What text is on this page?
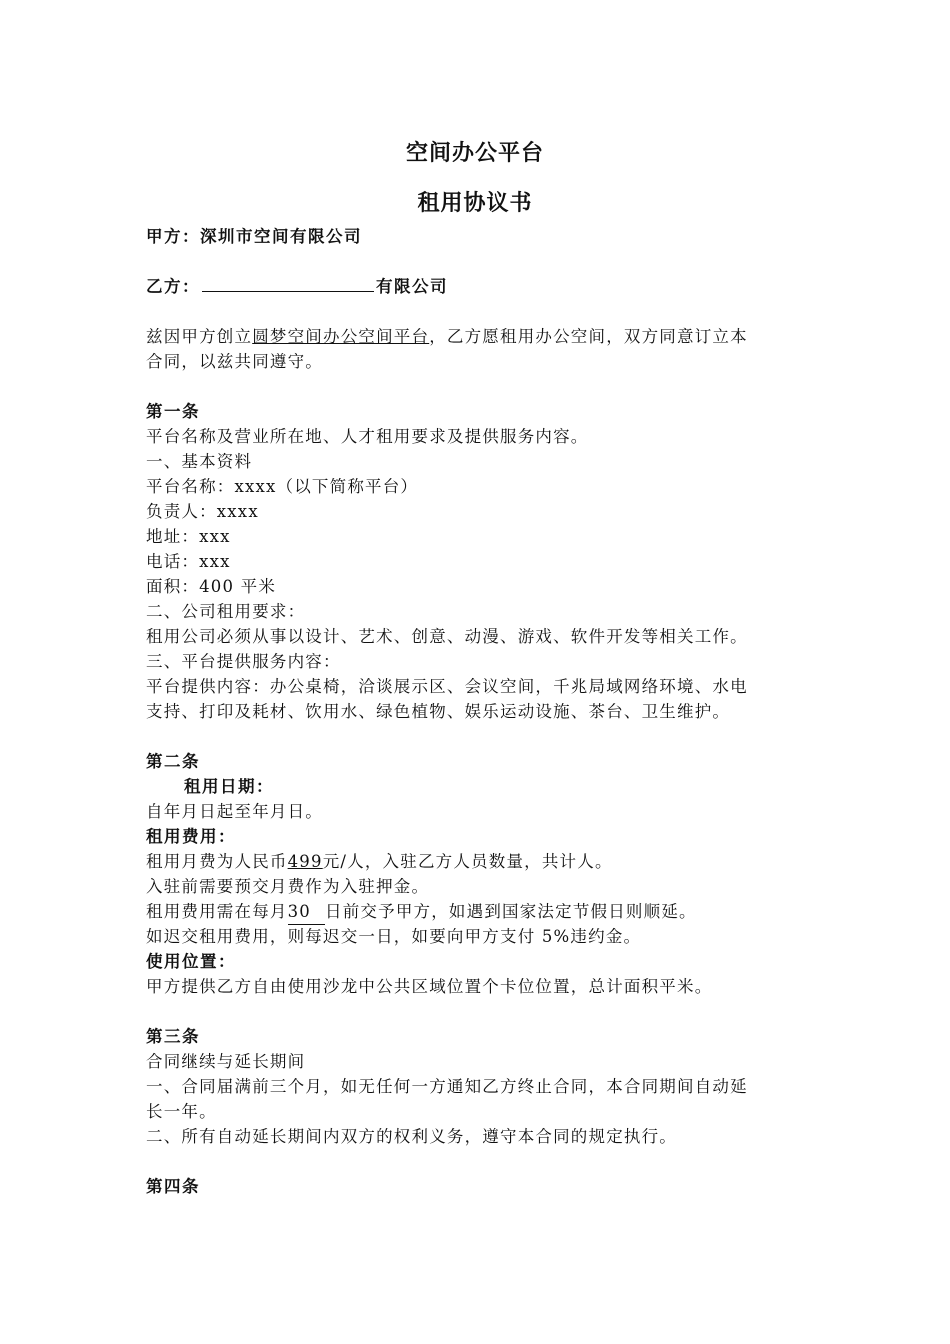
空间办公平台
租用协议书
甲方：深圳市空间有限公司
乙方：	有限公司
兹因甲方创立圆梦空间办公空间平台，乙方愿租用办公空间，双方同意订立本
合同，以兹共同遵守。
第一条
平台名称及营业所在地、人才租用要求及提供服务内容。
一、基本资料
平台名称：xxxx（以下简称平台）
负责人：xxxx
地址：xxx
电话：xxx
面积：400 平米
二、公司租用要求：
租用公司必须从事以设计、艺术、创意、动漫、游戏、软件开发等相关工作。
三、平台提供服务内容：
平台提供内容：办公桌椅，洽谈展示区、会议空间，千兆局域网络环境、水电
支持、打印及耗材、饮用水、绿色植物、娱乐运动设施、茶台、卫生维护。
第二条
租用日期：
自年月日起至年月日。
租用费用：
租用月费为人民币499元/人，入驻乙方人员数量，共计人。
入驻前需要预交月费作为入驻押金。
租用费用需在每月30 日前交予甲方，如遇到国家法定节假日则顺延。
如迟交租用费用，则每迟交一日，如要向甲方支付 5%违约金。
使用位置：
甲方提供乙方自由使用沙龙中公共区域位置个卡位位置，总计面积平米。
第三条
合同继续与延长期间
一、合同届满前三个月，如无任何一方通知乙方终止合同，本合同期间自动延
长一年。
二、所有自动延长期间内双方的权利义务，遵守本合同的规定执行。
第四条
